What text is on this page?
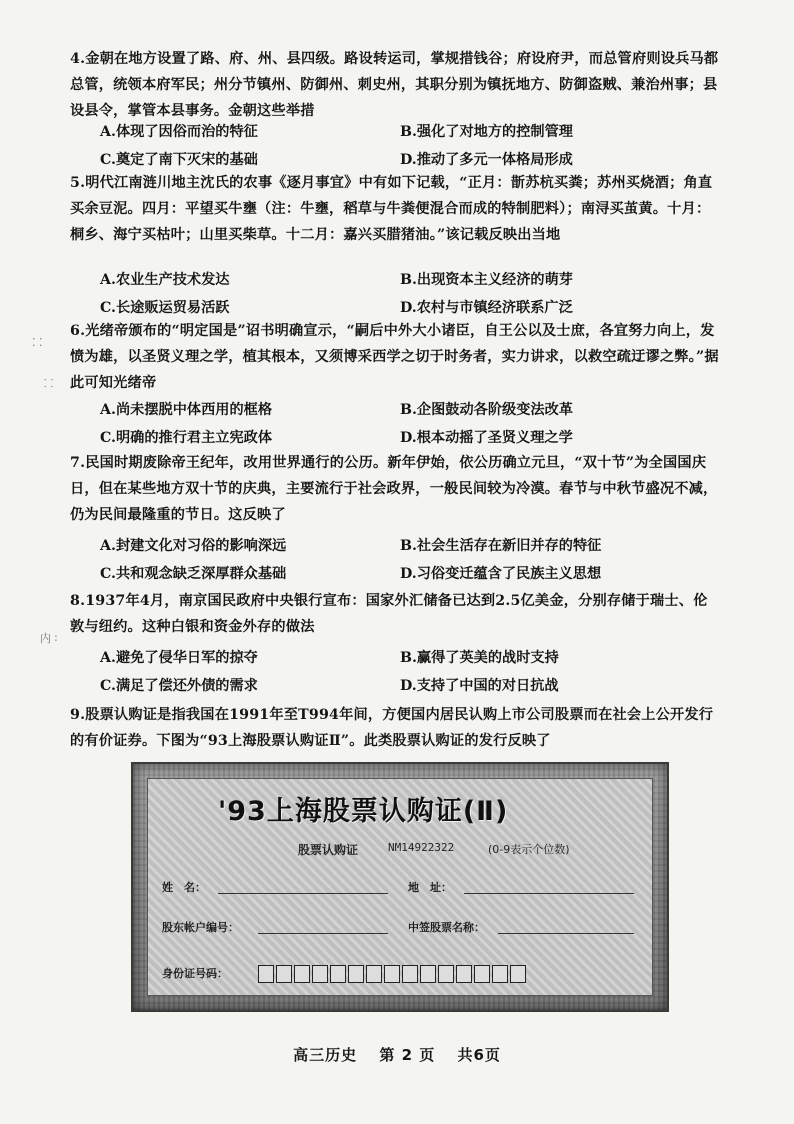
⁚ ⁚
⸬
内 ∶
4.金朝在地方设置了路、府、州、县四级。路设转运司，掌规措钱谷；府设府尹，而总管府则设兵马都总管，统领本府军民；州分节镇州、防御州、刺史州，其职分别为镇抚地方、防御盗贼、兼治州事；县设县令，掌管本县事务。金朝这些举措
A.体现了因俗而治的特征	B.强化了对地方的控制管理
C.奠定了南下灭宋的基础	D.推动了多元一体格局形成
5.明代江南涟川地主沈氏的农事《逐月事宜》中有如下记载，“正月：斮苏杭买粪；苏州买烧酒；角直买余豆泥。四月：平望买牛壅（注：牛壅，稻草与牛粪便混合而成的特制肥料）；南浔买茧黄。十月：桐乡、海宁买枯叶；山里买柴草。十二月：嘉兴买腊猪油。”该记载反映出当地
A.农业生产技术发达	B.出现资本主义经济的萌芽
C.长途贩运贸易活跃	D.农村与市镇经济联系广泛
6.光绪帝颁布的“明定国是”诏书明确宣示，“嗣后中外大小诸臣，自王公以及士庶，各宜努力向上，发愤为雄，以圣贤义理之学，植其根本，又须博采西学之切于时务者，实力讲求，以救空疏迂谬之弊。”据此可知光绪帝
A.尚未摆脱中体西用的框格	B.企图鼓动各阶级变法改革
C.明确的推行君主立宪政体	D.根本动摇了圣贤义理之学
7.民国时期废除帝王纪年，改用世界通行的公历。新年伊始，依公历确立元旦，“双十节”为全国国庆日，但在某些地方双十节的庆典，主要流行于社会政界，一般民间较为冷漠。春节与中秋节盛况不减，仍为民间最隆重的节日。这反映了
A.封建文化对习俗的影响深远	B.社会生活存在新旧并存的特征
C.共和观念缺乏深厚群众基础	D.习俗变迁蕴含了民族主义思想
8.1937年4月，南京国民政府中央银行宣布：国家外汇储备已达到2.5亿美金，分别存储于瑞士、伦敦与纽约。这种白银和资金外存的做法
A.避免了侵华日军的掠夺	B.赢得了英美的战时支持
C.满足了偿还外债的需求	D.支持了中国的对日抗战
9.股票认购证是指我国在1991年至T994年间，方便国内居民认购上市公司股票而在社会上公开发行的有价证券。下图为“93上海股票认购证Ⅱ”。此类股票认购证的发行反映了
'93上海股票认购证(Ⅱ)
股票认购证	NM14922322	(0-9表示个位数)
姓　名：	地　址：
股东帐户编号：	中签股票名称：
身份证号码：
高三历史 第 2 页 共6页
